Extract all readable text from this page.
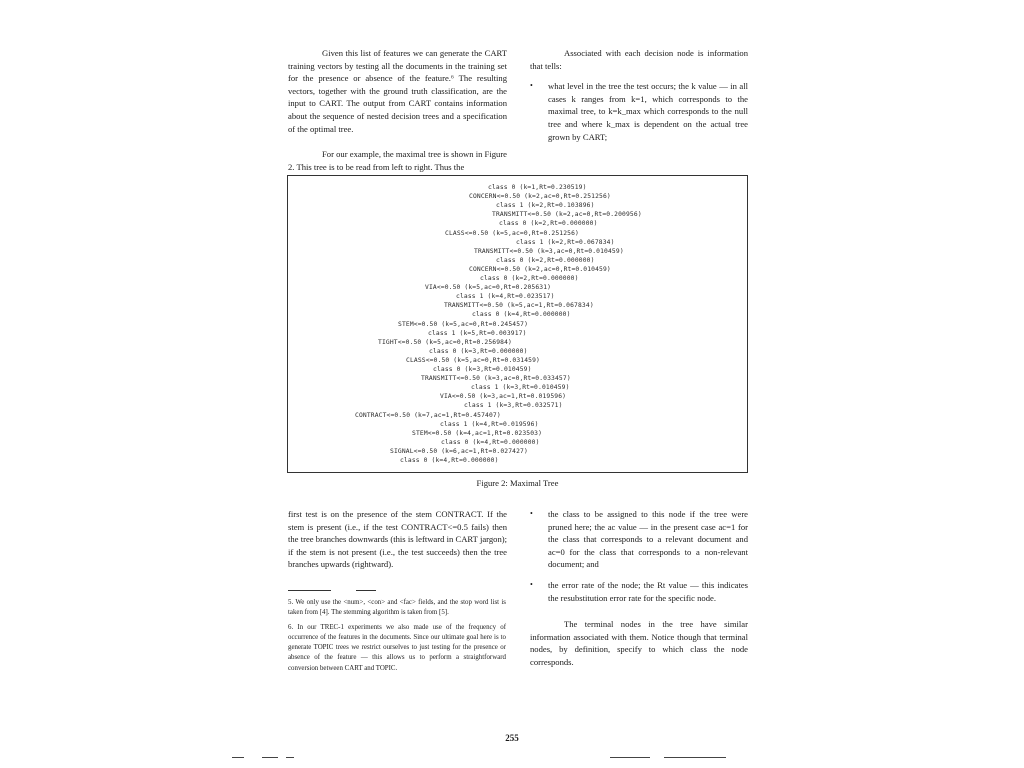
Given this list of features we can generate the CART training vectors by testing all the documents in the training set for the presence or absence of the feature.⁶ The resulting vectors, together with the ground truth classification, are the input to CART. The output from CART contains information about the sequence of nested decision trees and a specification of the optimal tree.

For our example, the maximal tree is shown in Figure 2. This tree is to be read from left to right. Thus the

Associated with each decision node is information that tells:

• what level in the tree the test occurs; the k value — in all cases k ranges from k=1, which corresponds to the maximal tree, to k=k_max which corresponds to the null tree and where k_max is dependent on the actual tree grown by CART;
class 0 (k=1,Rt=0.230519)
CONCERN<=0.50 (k=2,ac=0,Rt=0.251256)
class 1 (k=2,Rt=0.103896)
TRANSMITT<=0.50 (k=2,ac=0,Rt=0.200956)
class 0 (k=2,Rt=0.000000)
CLASS<=0.50 (k=5,ac=0,Rt=0.251256)
class 1 (k=2,Rt=0.067834)
TRANSMITT<=0.50 (k=3,ac=0,Rt=0.010459)
class 0 (k=2,Rt=0.000000)
CONCERN<=0.50 (k=2,ac=0,Rt=0.010459)
class 0 (k=2,Rt=0.000000)
VIA<=0.50 (k=5,ac=0,Rt=0.205631)
class 1 (k=4,Rt=0.023517)
TRANSMITT<=0.50 (k=5,ac=1,Rt=0.067834)
class 0 (k=4,Rt=0.000000)
STEM<=0.50 (k=5,ac=0,Rt=0.245457)
class 1 (k=5,Rt=0.003917)
TIGHT<=0.50 (k=5,ac=0,Rt=0.256984)
class 0 (k=3,Rt=0.000000)
CLASS<=0.50 (k=5,ac=0,Rt=0.031459)
class 0 (k=3,Rt=0.010459)
TRANSMITT<=0.50 (k=3,ac=0,Rt=0.033457)
class 1 (k=3,Rt=0.010459)
VIA<=0.50 (k=3,ac=1,Rt=0.019596)
class 1 (k=3,Rt=0.032571)
CONTRACT<=0.50 (k=7,ac=1,Rt=0.457407)
class 1 (k=4,Rt=0.019596)
STEM<=0.50 (k=4,ac=1,Rt=0.023503)
class 0 (k=4,Rt=0.000000)
SIGNAL<=0.50 (k=6,ac=1,Rt=0.027427)
class 0 (k=4,Rt=0.000000)
Figure 2: Maximal Tree

first test is on the presence of the stem CONTRACT. If the stem is present (i.e., if the test CONTRACT<=0.5 fails) then the tree branches downwards (this is leftward in CART jargon); if the stem is not present (i.e., the test succeeds) then the tree branches upwards (rightward).

5. We only use the <num>, <con> and <fac> fields, and the stop word list is taken from [4]. The stemming algorithm is taken from [5].

6. In our TREC-1 experiments we also made use of the frequency of occurrence of the features in the documents. Since our ultimate goal here is to generate TOPIC trees we restrict ourselves to just testing for the presence or absence of the feature — this allows us to perform a straightforward conversion between CART and TOPIC.

• the class to be assigned to this node if the tree were pruned here; the ac value — in the present case ac=1 for the class that corresponds to a relevant document and ac=0 for the class that corresponds to a non-relevant document; and
• the error rate of the node; the Rt value — this indicates the resubstitution error rate for the specific node.

The terminal nodes in the tree have similar information associated with them. Notice though that terminal nodes, by definition, specify to which class the node corresponds.

255
